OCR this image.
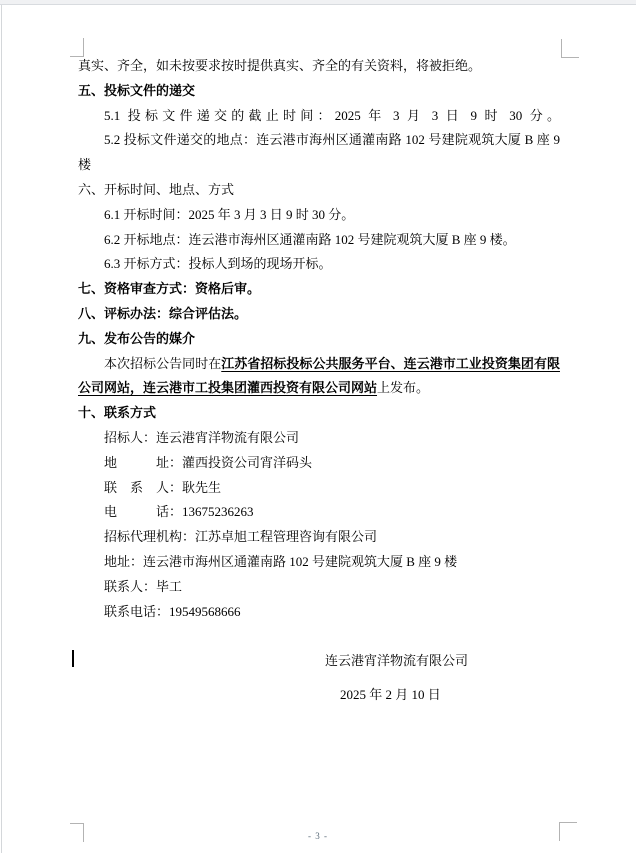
真实、齐全，如未按要求按时提供真实、齐全的有关资料，将被拒绝。

五、投标文件的递交

5.1 投标文件递交的截止时间：2025 年 3 月 3 日 9 时 30 分。

5.2 投标文件递交的地点：连云港市海州区通灌南路 102 号建院观筑大厦 B 座 9

楼

六、开标时间、地点、方式

6.1 开标时间：2025 年 3 月 3 日 9 时 30 分。

6.2 开标地点：连云港市海州区通灌南路 102 号建院观筑大厦 B 座 9 楼。

6.3 开标方式：投标人到场的现场开标。

七、资格审查方式：资格后审。

八、评标办法：综合评估法。

九、发布公告的媒介

本次招标公告同时在江苏省招标投标公共服务平台、连云港市工业投资集团有限

公司网站，连云港市工投集团灌西投资有限公司网站上发布。

十、联系方式

招标人：连云港宵洋物流有限公司

地　　　址：灌西投资公司宵洋码头

联　系　人：耿先生

电　　　话：13675236263

招标代理机构：江苏卓旭工程管理咨询有限公司

地址：连云港市海州区通灌南路 102 号建院观筑大厦 B 座 9 楼

联系人：毕工

联系电话：19549568666

连云港宵洋物流有限公司

2025 年 2 月 10 日

- 3 -
